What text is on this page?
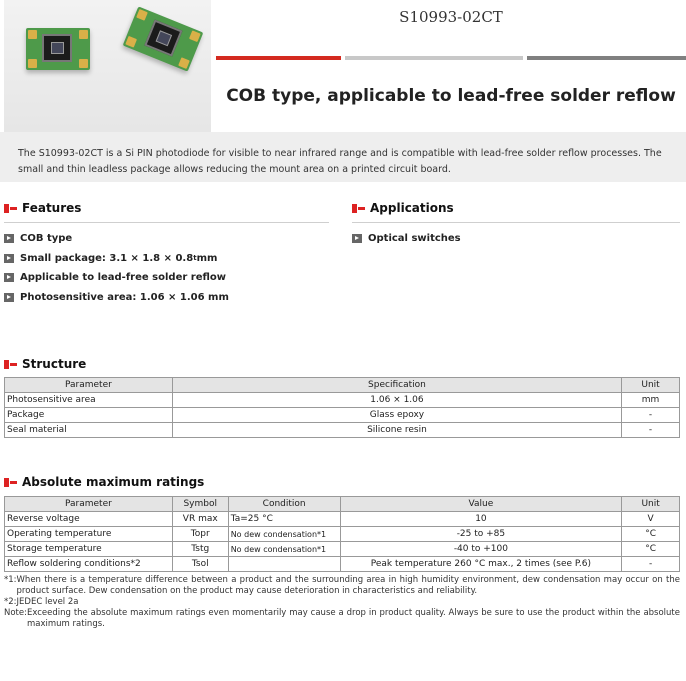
S10993-02CT
COB type, applicable to lead-free solder reflow
The S10993-02CT is a Si PIN photodiode for visible to near infrared range and is compatible with lead-free solder reflow processes. The small and thin leadless package allows reducing the mount area on a printed circuit board.
Features
COB type
Small package: 3.1 × 1.8 × 0.8 t mm
Applicable to lead-free solder reflow
Photosensitive area: 1.06 × 1.06 mm
Applications
Optical switches
Structure
Parameter	Specification	Unit
Photosensitive area	1.06 × 1.06	mm
Package	Glass epoxy	-
Seal material	Silicone resin	-
Absolute maximum ratings
Parameter	Symbol	Condition	Value	Unit
Reverse voltage	VR max	Ta=25 °C	10	V
Operating temperature	Topr	No dew condensation*1	-25 to +85	°C
Storage temperature	Tstg	No dew condensation*1	-40 to +100	°C
Reflow soldering conditions*2	Tsol		Peak temperature 260 °C max., 2 times (see P.6)	-
*1: When there is a temperature difference between a product and the surrounding area in high humidity environment, dew condensation may occur on the product surface. Dew condensation on the product may cause deterioration in characteristics and reliability.
*2: JEDEC level 2a
Note: Exceeding the absolute maximum ratings even momentarily may cause a drop in product quality. Always be sure to use the product within the absolute maximum ratings.
